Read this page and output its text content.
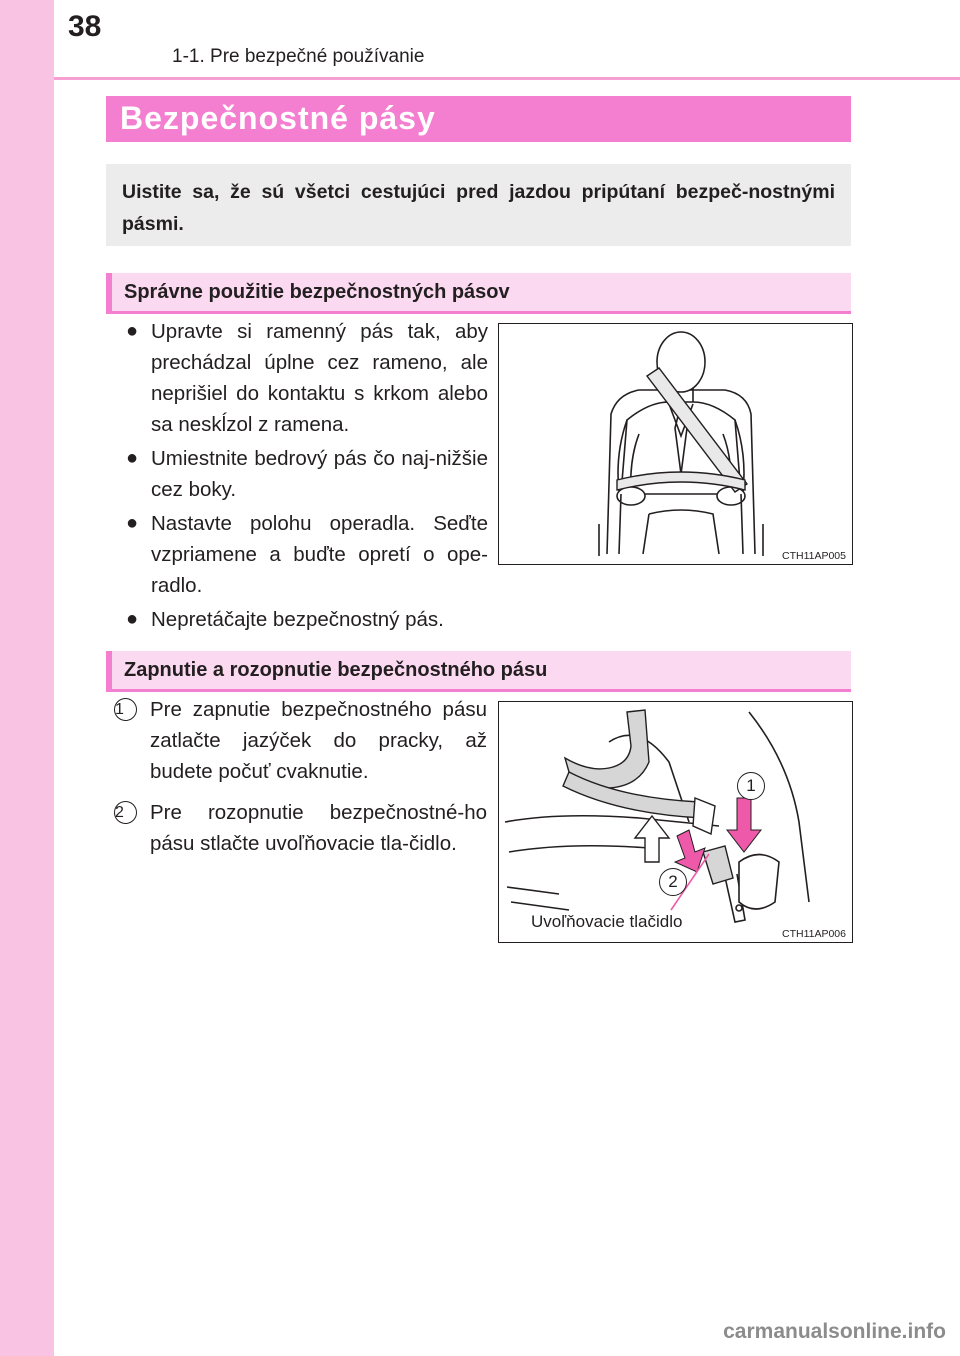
38
1-1. Pre bezpečné používanie
Bezpečnostné pásy
Uistite sa, že sú všetci cestujúci pred jazdou pripútaní bezpeč-nostnými pásmi.
Správne použitie bezpečnostných pásov
● Upravte si ramenný pás tak, aby prechádzal úplne cez rameno, ale neprišiel do kontaktu s krkom alebo sa neskĺzol z ramena.
● Umiestnite bedrový pás čo naj-nižšie cez boky.
● Nastavte polohu operadla. Seďte vzpriamene a buďte opretí o ope-radlo.
● Nepretáčajte bezpečnostný pás.
CTH11AP005
Zapnutie a rozopnutie bezpečnostného pásu
1	Pre zapnutie bezpečnostného pásu zatlačte jazýček do pracky, až budete počuť cvaknutie.
2	Pre rozopnutie bezpečnostné-ho pásu stlačte uvoľňovacie tla-čidlo.
1
2
Uvoľňovacie tlačidlo
CTH11AP006
carmanualsonline.info
